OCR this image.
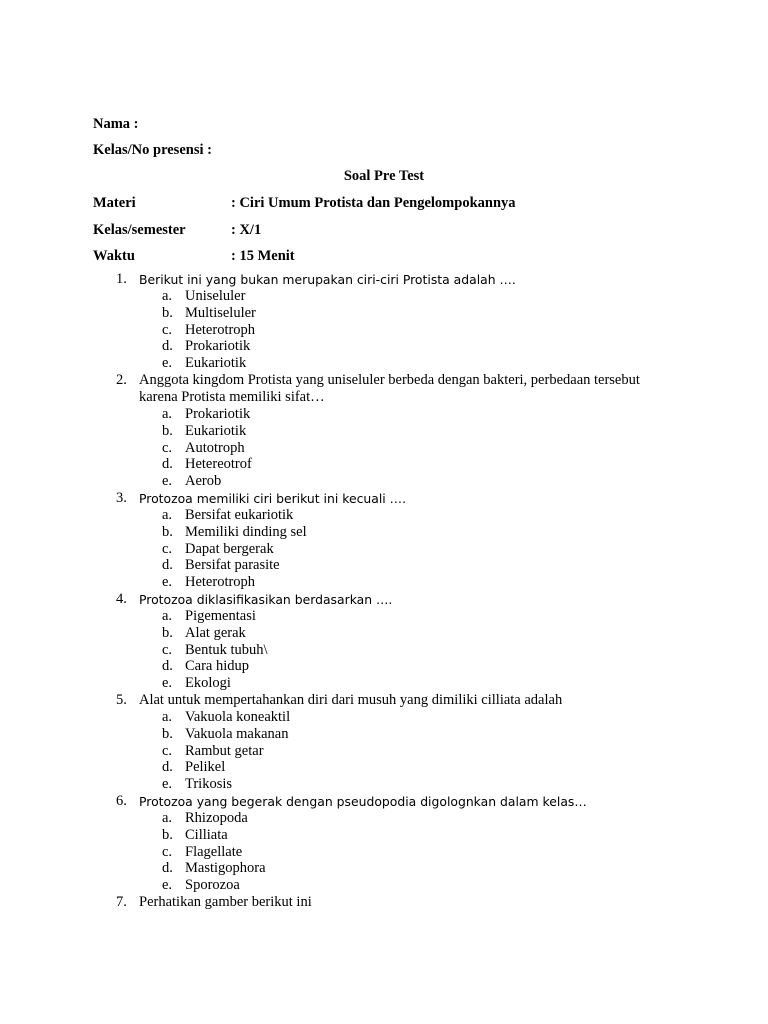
Nama :
Kelas/No presensi :
Soal Pre Test
Materi	: Ciri Umum Protista dan Pengelompokannya
Kelas/semester	: X/1
Waktu	: 15 Menit
1. Berikut ini yang bukan merupakan ciri-ciri Protista adalah ….
a. Uniseluler
b. Multiseluler
c. Heterotroph
d. Prokariotik
e. Eukariotik
2. Anggota kingdom Protista yang uniseluler berbeda dengan bakteri, perbedaan tersebut karena Protista memiliki sifat…
a. Prokariotik
b. Eukariotik
c. Autotroph
d. Hetereotrof
e. Aerob
3. Protozoa memiliki ciri berikut ini kecuali ….
a. Bersifat eukariotik
b. Memiliki dinding sel
c. Dapat bergerak
d. Bersifat parasite
e. Heterotroph
4. Protozoa diklasifikasikan berdasarkan ….
a. Pigementasi
b. Alat gerak
c. Bentuk tubuh\
d. Cara hidup
e. Ekologi
5. Alat untuk mempertahankan diri dari musuh yang dimiliki cilliata adalah
a. Vakuola koneaktil
b. Vakuola makanan
c. Rambut getar
d. Pelikel
e. Trikosis
6. Protozoa yang begerak dengan pseudopodia digolognkan dalam kelas…
a. Rhizopoda
b. Cilliata
c. Flagellate
d. Mastigophora
e. Sporozoa
7. Perhatikan gamber berikut ini
